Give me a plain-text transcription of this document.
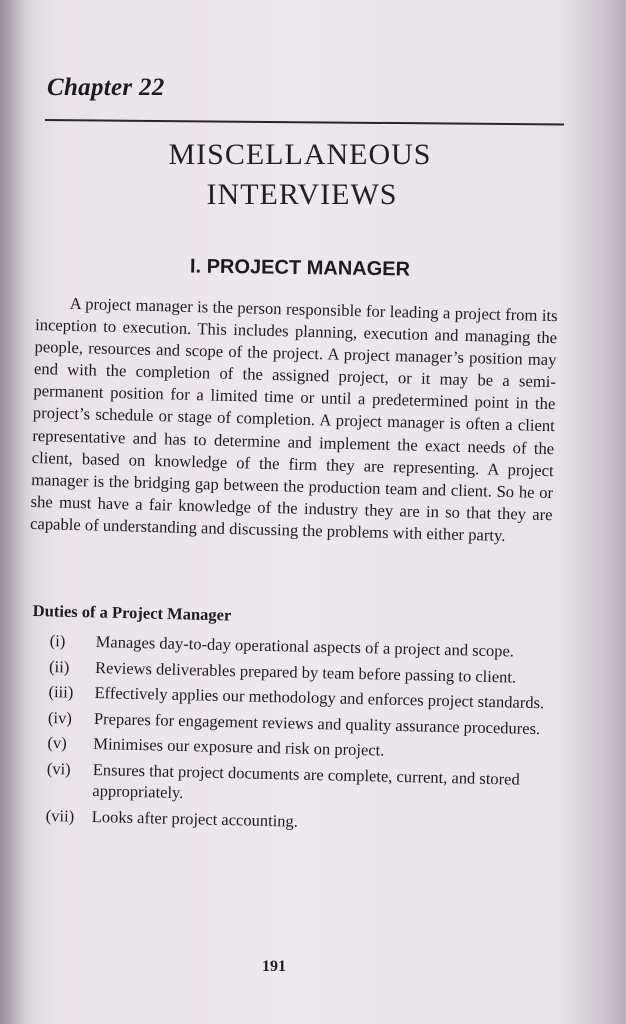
Chapter 22
MISCELLANEOUS
INTERVIEWS
I. PROJECT MANAGER
A project manager is the person responsible for leading a project from its inception to execution. This includes planning, execution and managing the people, resources and scope of the project. A project manager’s position may end with the completion of the assigned project, or it may be a semi-permanent position for a limited time or until a predetermined point in the project’s schedule or stage of completion. A project manager is often a client representative and has to determine and implement the exact needs of the client, based on knowledge of the firm they are representing. A project manager is the bridging gap between the production team and client. So he or she must have a fair knowledge of the industry they are in so that they are capable of understanding and discussing the problems with either party.
Duties of a Project Manager
(i)	Manages day-to-day operational aspects of a project and scope.
(ii)	Reviews deliverables prepared by team before passing to client.
(iii)	Effectively applies our methodology and enforces project standards.
(iv)	Prepares for engagement reviews and quality assurance procedures.
(v)	Minimises our exposure and risk on project.
(vi)	Ensures that project documents are complete, current, and stored appropriately.
(vii)	Looks after project accounting.
191
